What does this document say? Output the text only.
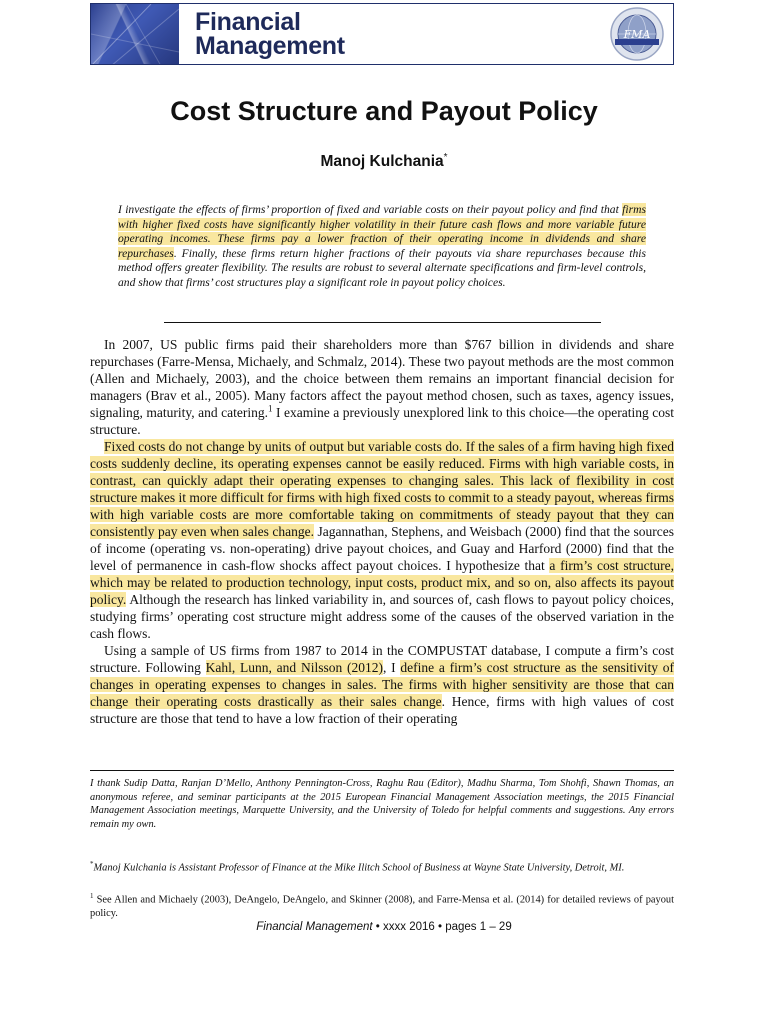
Financial
Management	FMA
Cost Structure and Payout Policy
Manoj Kulchania*
I investigate the effects of firms’ proportion of fixed and variable costs on their payout policy and find that firms with higher fixed costs have significantly higher volatility in their future cash flows and more variable future operating incomes. These firms pay a lower fraction of their operating income in dividends and share repurchases. Finally, these firms return higher fractions of their payouts via share repurchases because this method offers greater flexibility. The results are robust to several alternate specifications and firm-level controls, and show that firms’ cost structures play a significant role in payout policy choices.

In 2007, US public firms paid their shareholders more than $767 billion in dividends and share repurchases (Farre-Mensa, Michaely, and Schmalz, 2014). These two payout methods are the most common (Allen and Michaely, 2003), and the choice between them remains an important financial decision for managers (Brav et al., 2005). Many factors affect the payout method chosen, such as taxes, agency issues, signaling, maturity, and catering.$^1$ I examine a previously unexplored link to this choice—the operating cost structure.

Fixed costs do not change by units of output but variable costs do. If the sales of a firm having high fixed costs suddenly decline, its operating expenses cannot be easily reduced. Firms with high variable costs, in contrast, can quickly adapt their operating expenses to changing sales. This lack of flexibility in cost structure makes it more difficult for firms with high fixed costs to commit to a steady payout, whereas firms with high variable costs are more comfortable taking on commitments of steady payout that they can consistently pay even when sales change. Jagannathan, Stephens, and Weisbach (2000) find that the sources of income (operating vs. non-operating) drive payout choices, and Guay and Harford (2000) find that the level of permanence in cash-flow shocks affect payout choices. I hypothesize that a firm’s cost structure, which may be related to production technology, input costs, product mix, and so on, also affects its payout policy. Although the research has linked variability in, and sources of, cash flows to payout policy choices, studying firms’ operating cost structure might address some of the causes of the observed variation in the cash flows.

Using a sample of US firms from 1987 to 2014 in the COMPUSTAT database, I compute a firm’s cost structure. Following Kahl, Lunn, and Nilsson (2012), I define a firm’s cost structure as the sensitivity of changes in operating expenses to changes in sales. The firms with higher sensitivity are those that can change their operating costs drastically as their sales change. Hence, firms with high values of cost structure are those that tend to have a low fraction of their operating

I thank Sudip Datta, Ranjan D’Mello, Anthony Pennington-Cross, Raghu Rau (Editor), Madhu Sharma, Tom Shohfi, Shawn Thomas, an anonymous referee, and seminar participants at the 2015 European Financial Management Association meetings, the 2015 Financial Management Association meetings, Marquette University, and the University of Toledo for helpful comments and suggestions. Any errors remain my own.
*Manoj Kulchania is Assistant Professor of Finance at the Mike Ilitch School of Business at Wayne State University, Detroit, MI.
$^1$ See Allen and Michaely (2003), DeAngelo, DeAngelo, and Skinner (2008), and Farre-Mensa et al. (2014) for detailed reviews of payout policy.
Financial Management • xxxx 2016 • pages 1 – 29
